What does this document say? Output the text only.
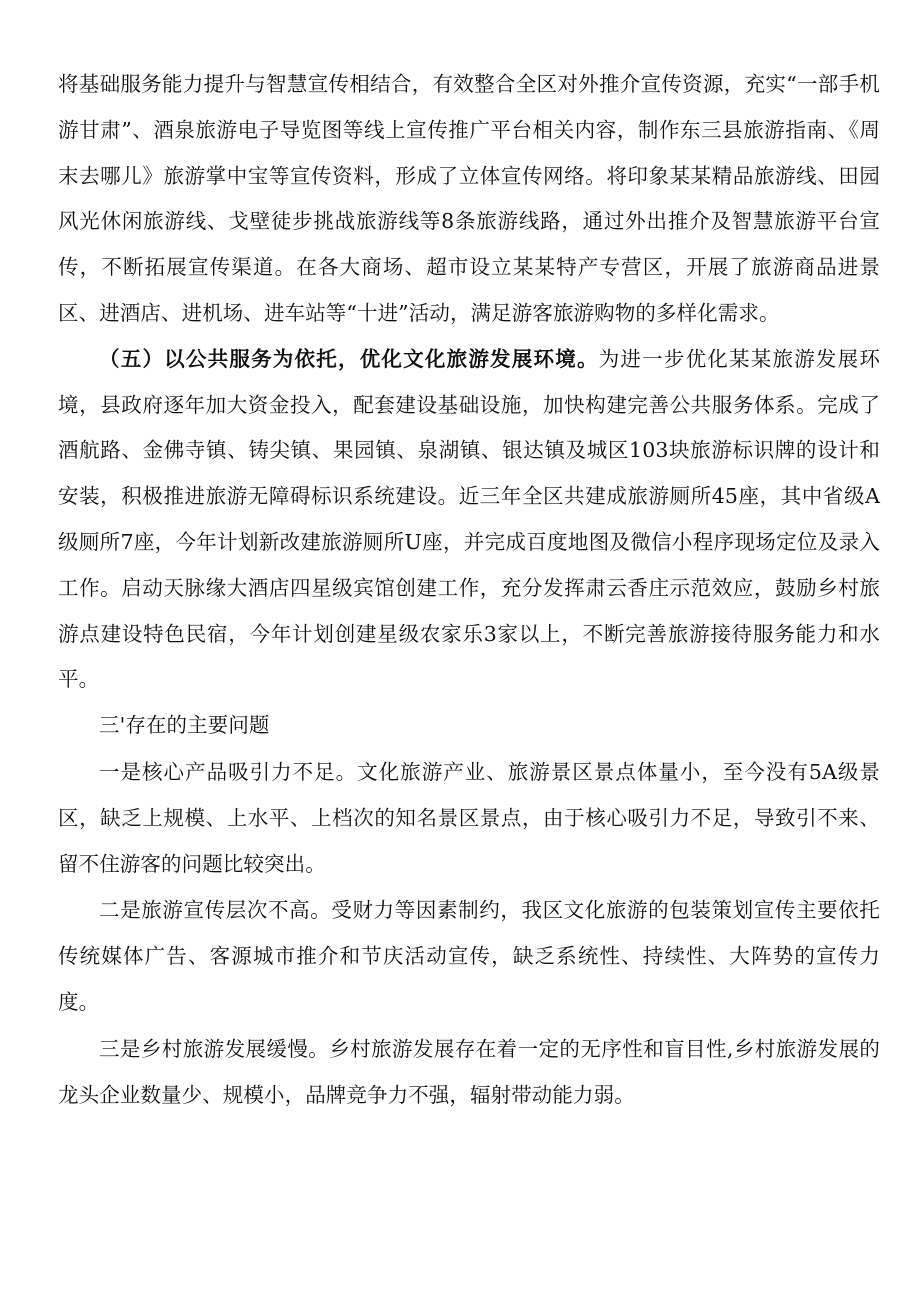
将基础服务能力提升与智慧宣传相结合，有效整合全区对外推介宣传资源，充实“一部手机游甘肃”、酒泉旅游电子导览图等线上宣传推广平台相关内容，制作东三县旅游指南、《周末去哪儿》旅游掌中宝等宣传资料，形成了立体宣传网络。将印象某某精品旅游线、田园风光休闲旅游线、戈壁徒步挑战旅游线等8条旅游线路，通过外出推介及智慧旅游平台宣传，不断拓展宣传渠道。在各大商场、超市设立某某特产专营区，开展了旅游商品进景区、进酒店、进机场、进车站等“十进”活动，满足游客旅游购物的多样化需求。

（五）以公共服务为依托，优化文化旅游发展环境。为进一步优化某某旅游发展环境，县政府逐年加大资金投入，配套建设基础设施，加快构建完善公共服务体系。完成了酒航路、金佛寺镇、铸尖镇、果园镇、泉湖镇、银达镇及城区103块旅游标识牌的设计和安装，积极推进旅游无障碍标识系统建设。近三年全区共建成旅游厕所45座，其中省级A级厕所7座，今年计划新改建旅游厕所U座，并完成百度地图及微信小程序现场定位及录入工作。启动天脉缘大酒店四星级宾馆创建工作，充分发挥肃云香庄示范效应，鼓励乡村旅游点建设特色民宿，今年计划创建星级农家乐3家以上，不断完善旅游接待服务能力和水平。

三'存在的主要问题

一是核心产品吸引力不足。文化旅游产业、旅游景区景点体量小，至今没有5A级景区，缺乏上规模、上水平、上档次的知名景区景点，由于核心吸引力不足，导致引不来、留不住游客的问题比较突出。

二是旅游宣传层次不高。受财力等因素制约，我区文化旅游的包装策划宣传主要依托传统媒体广告、客源城市推介和节庆活动宣传，缺乏系统性、持续性、大阵势的宣传力度。

三是乡村旅游发展缓慢。乡村旅游发展存在着一定的无序性和盲目性,乡村旅游发展的龙头企业数量少、规模小，品牌竞争力不强，辐射带动能力弱。
